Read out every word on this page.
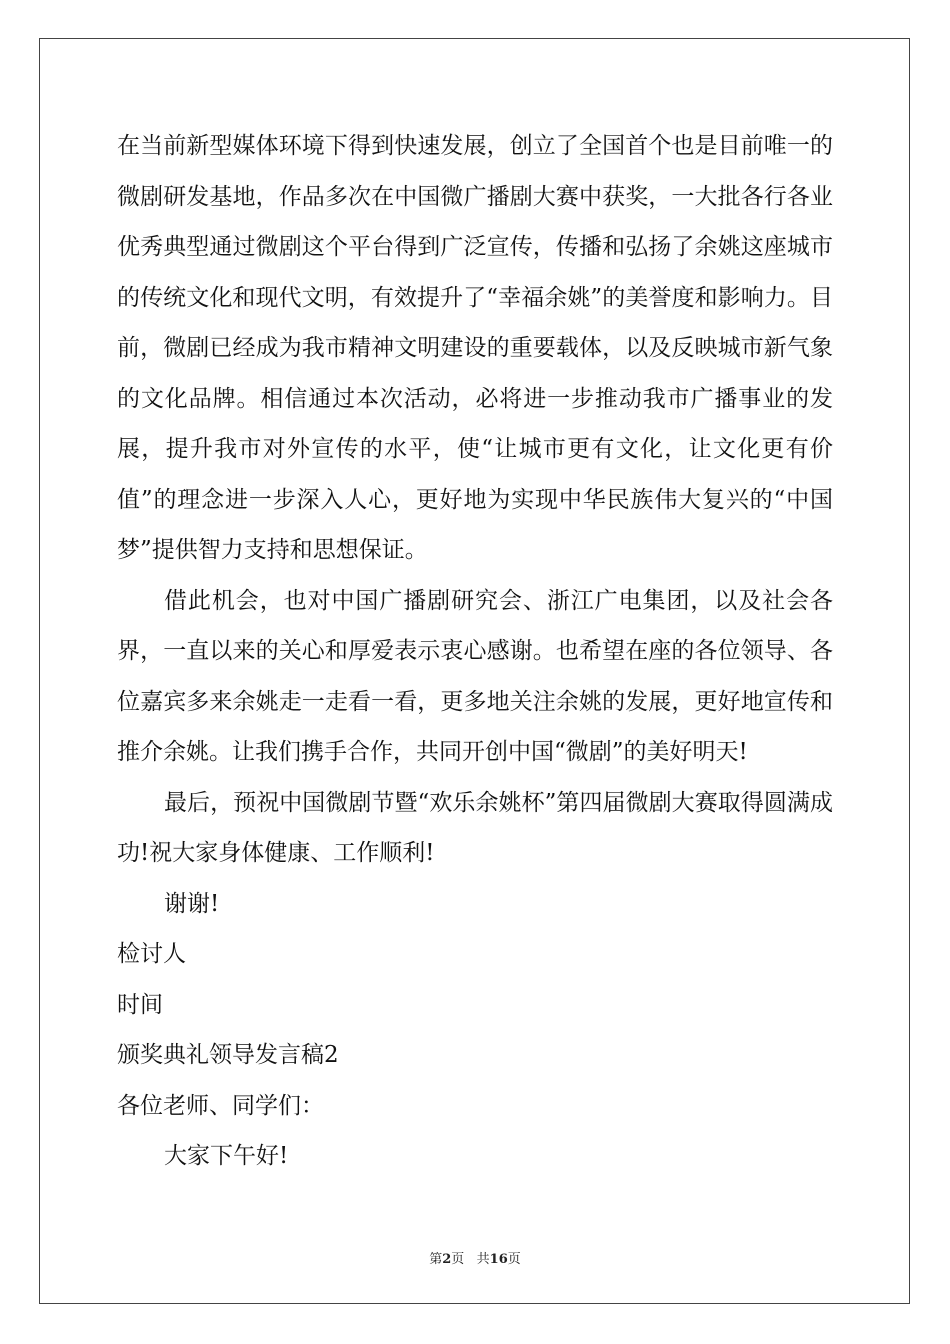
在当前新型媒体环境下得到快速发展，创立了全国首个也是目前唯一的微剧研发基地，作品多次在中国微广播剧大赛中获奖，一大批各行各业优秀典型通过微剧这个平台得到广泛宣传，传播和弘扬了余姚这座城市的传统文化和现代文明，有效提升了“幸福余姚”的美誉度和影响力。目前，微剧已经成为我市精神文明建设的重要载体，以及反映城市新气象的文化品牌。相信通过本次活动，必将进一步推动我市广播事业的发展，提升我市对外宣传的水平，使“让城市更有文化，让文化更有价值”的理念进一步深入人心，更好地为实现中华民族伟大复兴的“中国梦”提供智力支持和思想保证。

借此机会，也对中国广播剧研究会、浙江广电集团，以及社会各界，一直以来的关心和厚爱表示衷心感谢。也希望在座的各位领导、各位嘉宾多来余姚走一走看一看，更多地关注余姚的发展，更好地宣传和推介余姚。让我们携手合作，共同开创中国“微剧”的美好明天!

最后，预祝中国微剧节暨“欢乐余姚杯”第四届微剧大赛取得圆满成功!祝大家身体健康、工作顺利!

谢谢!

检讨人

时间

颁奖典礼领导发言稿2

各位老师、同学们：

大家下午好!

第2页   共16页
